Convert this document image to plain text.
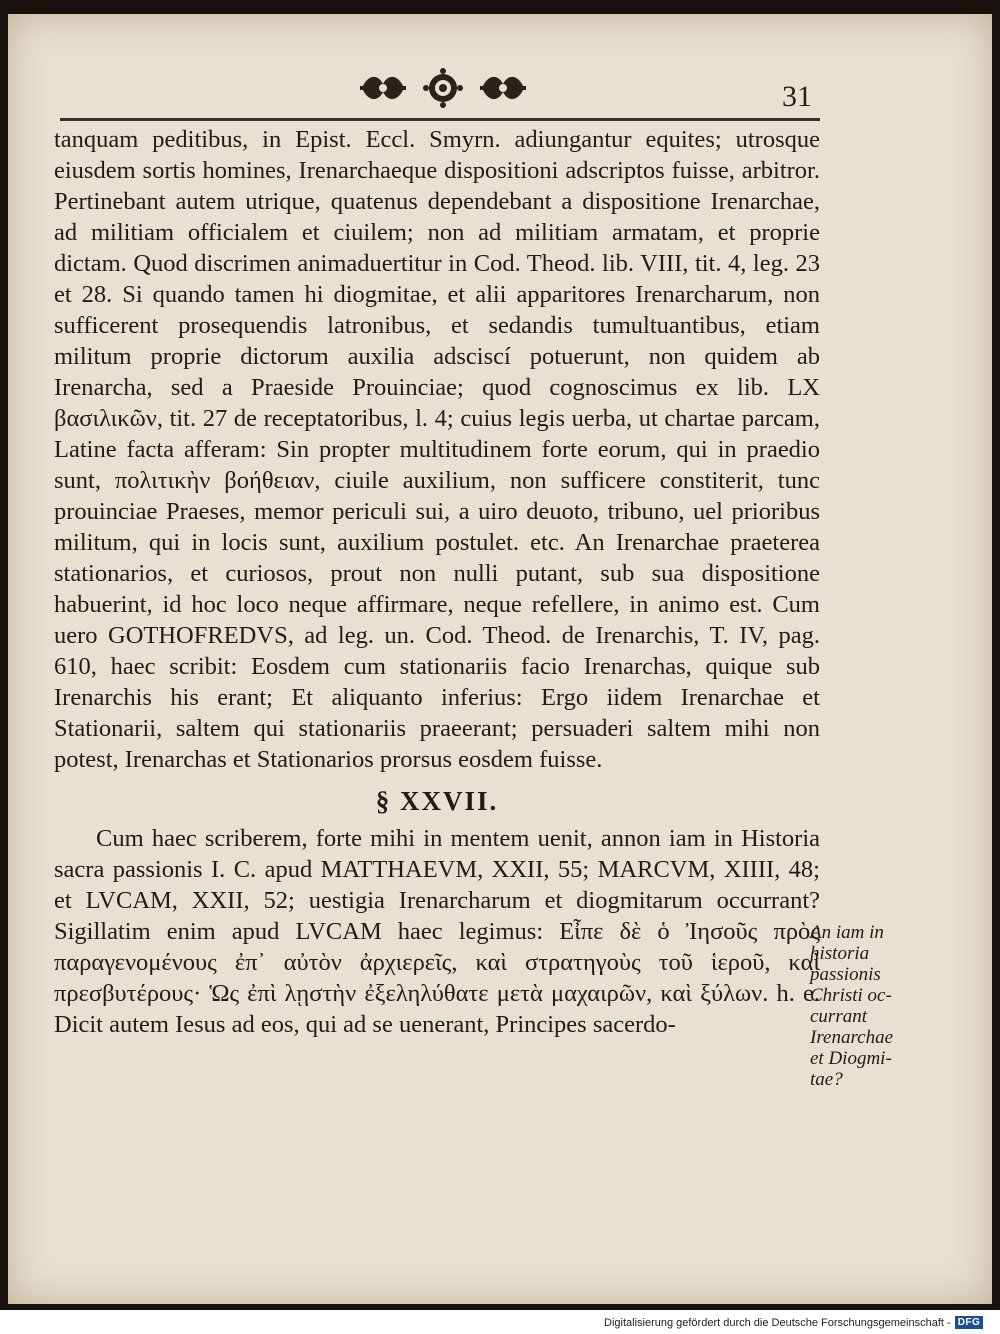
31

tanquam peditibus, in Epist. Eccl. Smyrn. adiungantur equites; utrosque eiusdem sortis homines, Irenarchaeque dispositioni adscriptos fuisse, arbitror. Pertinebant autem utrique, quatenus dependebant a dispositione Irenarchae, ad militiam officialem et ciuilem; non ad militiam armatam, et proprie dictam. Quod discrimen animaduertitur in Cod. Theod. lib. VIII, tit. 4, leg. 23 et 28. Si quando tamen hi diogmitae, et alii apparitores Irenarcharum, non sufficerent prosequendis latronibus, et sedandis tumultuantibus, etiam militum proprie dictorum auxilia adsciscí potuerunt, non quidem ab Irenarcha, sed a Praeside Prouinciae; quod cognoscimus ex lib. LX βασιλικῶν, tit. 27 de receptatoribus, l. 4; cuius legis uerba, ut chartae parcam, Latine facta afferam: Sin propter multitudinem forte eorum, qui in praedio sunt, πολιτικὴν βοήθειαν, ciuile auxilium, non sufficere constiterit, tunc prouinciae Praeses, memor periculi sui, a uiro deuoto, tribuno, uel prioribus militum, qui in locis sunt, auxilium postulet. etc. An Irenarchae praeterea stationarios, et curiosos, prout non nulli putant, sub sua dispositione habuerint, id hoc loco neque affirmare, neque refellere, in animo est. Cum uero GOTHOFREDVS, ad leg. un. Cod. Theod. de Irenarchis, T. IV, pag. 610, haec scribit: Eosdem cum stationariis facio Irenarchas, quique sub Irenarchis his erant; Et aliquanto inferius: Ergo iidem Irenarchae et Stationarii, saltem qui stationariis praeerant; persuaderi saltem mihi non potest, Irenarchas et Stationarios prorsus eosdem fuisse.

§ XXVII.

Cum haec scriberem, forte mihi in mentem uenit, annon iam in Historia sacra passionis I. C. apud MATTHAEVM, XXII, 55; MARCVM, XIIII, 48; et LVCAM, XXII, 52; uestigia Irenarcharum et diogmitarum occurrant? Sigillatim enim apud LVCAM haec legimus: Εἶπε δὲ ὁ Ἰησοῦς πρὸς παραγενομένους ἐπ᾽ αὐτὸν ἀρχιερεῖς, καὶ στρατηγοὺς τοῦ ἱεροῦ, καὶ πρεσβυτέρους· Ὡς ἐπὶ λῃστὴν ἐξεληλύθατε μετὰ μαχαιρῶν, καὶ ξύλων. h. e. Dicit autem Iesus ad eos, qui ad se uenerant, Principes sacerdo-

An iam in
historia
passionis
Christi oc-
currant
Irenarchae
et Diogmi-
tae?
Digitalisierung gefördert durch die Deutsche Forschungsgemeinschaft - DFG
